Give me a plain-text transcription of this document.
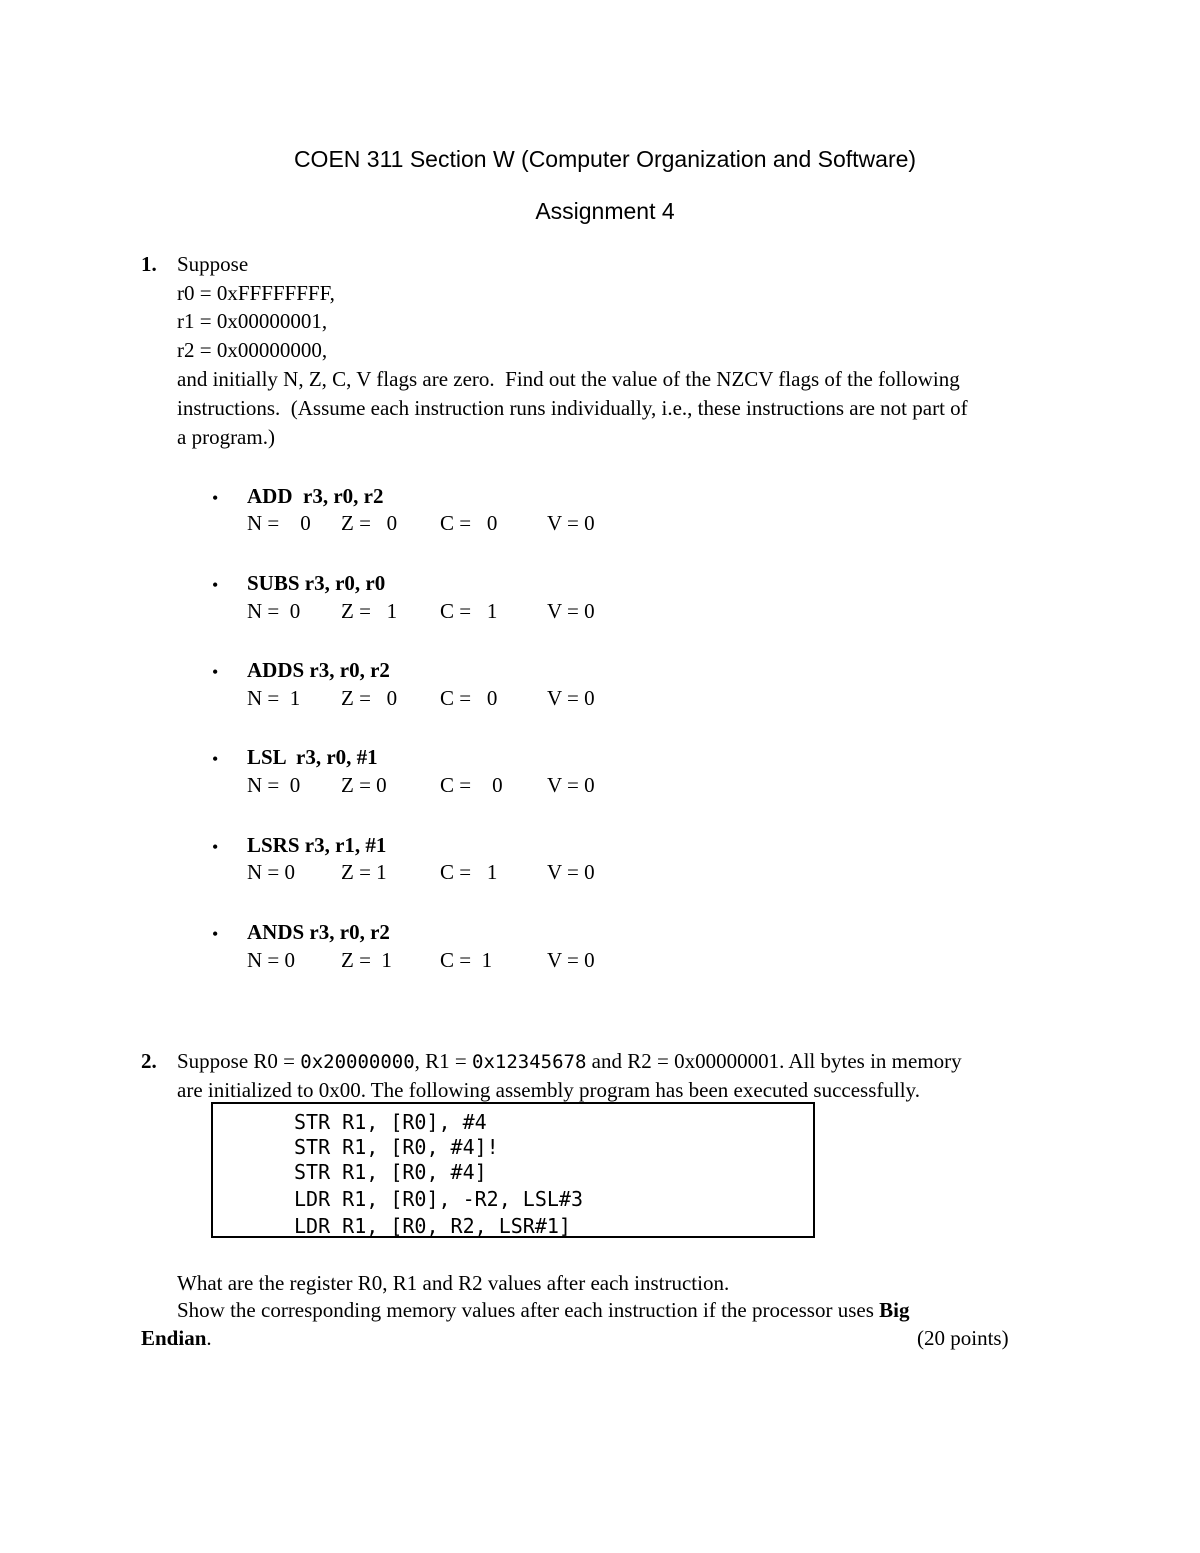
COEN 311 Section W (Computer Organization and Software)
Assignment 4
1. Suppose
r0 = 0xFFFFFFFF,
r1 = 0x00000001,
r2 = 0x00000000,
and initially N, Z, C, V flags are zero.  Find out the value of the NZCV flags of the following
instructions.  (Assume each instruction runs individually, i.e., these instructions are not part of
a program.)
• ADD  r3, r0, r2
N =    0 Z =   0 C =   0 V = 0
• SUBS r3, r0, r0
N =  0 Z =   1 C =   1 V = 0
• ADDS r3, r0, r2
N =  1 Z =   0 C =   0 V = 0
• LSL  r3, r0, #1
N =  0 Z = 0	C =    0 V = 0
• LSRS r3, r1, #1
N = 0 Z = 1	C =   1 V = 0
• ANDS r3, r0, r2
N = 0 Z =  1 C =  1	V = 0
2. Suppose R0 = 0x20000000, R1 = 0x12345678 and R2 = 0x00000001. All bytes in memory
are initialized to 0x00. The following assembly program has been executed successfully.
STR R1, [R0], #4
STR R1, [R0, #4]!
STR R1, [R0, #4]
LDR R1, [R0], -R2, LSL#3
LDR R1, [R0, R2, LSR#1]
What are the register R0, R1 and R2 values after each instruction.
Show the corresponding memory values after each instruction if the processor uses Big
Endian.	(20 points)
